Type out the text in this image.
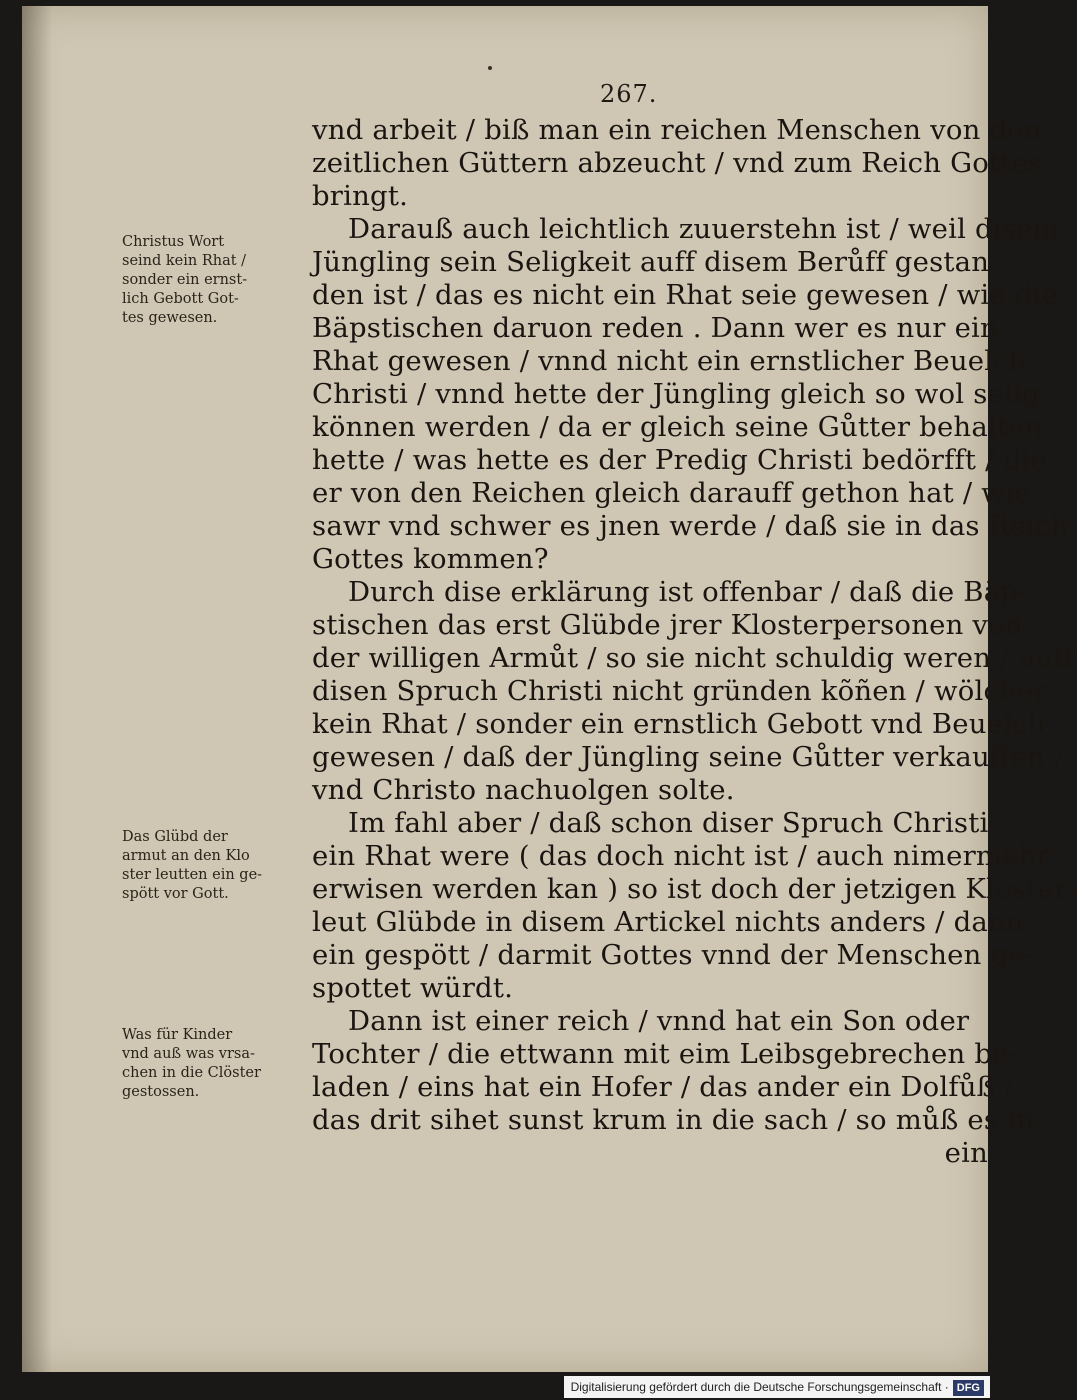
267.
vnd arbeit / biß man ein reichen Menschen von den
zeitlichen Güttern abzeucht / vnd zum Reich Gottes
bringt.
Darauß auch leichtlich zuuerstehn ist / weil disem
Jüngling sein Seligkeit auff disem Berůff gestan-
den ist / das es nicht ein Rhat seie gewesen / wie die
Bäpstischen daruon reden . Dann wer es nur ein
Rhat gewesen / vnnd nicht ein ernstlicher Beuelch
Christi / vnnd hette der Jüngling gleich so wol selig
können werden / da er gleich seine Gůtter behalten
hette / was hette es der Predig Christi bedörfft / die
er von den Reichen gleich darauff gethon hat / wie
sawr vnd schwer es jnen werde / daß sie in das Reich
Gottes kommen?
Durch dise erklärung ist offenbar / daß die Bäp-
stischen das erst Glübde jrer Klosterpersonen von
der willigen Armůt / so sie nicht schuldig weren / auff
disen Spruch Christi nicht gründen kõñen / wölcher
kein Rhat / sonder ein ernstlich Gebott vnd Beuelch
gewesen / daß der Jüngling seine Gůtter verkauffen /
vnd Christo nachuolgen solte.
Im fahl aber / daß schon diser Spruch Christi
ein Rhat were ( das doch nicht ist / auch nimermehr
erwisen werden kan ) so ist doch der jetzigen Kloster-
leut Glübde in disem Artickel nichts anders / dann
ein gespött / darmit Gottes vnnd der Menschen ge-
spottet würdt.
Dann ist einer reich / vnnd hat ein Son oder
Tochter / die ettwann mit eim Leibsgebrechen be-
laden / eins hat ein Hofer / das ander ein Dolfůß /
das drit sihet sunst krum in die sach / so můß es in
ein
Christus Wort
seind kein Rhat /
sonder ein ernst-
lich Gebott Got-
tes gewesen.
Das Glübd der
armut an den Klo
ster leutten ein ge-
spött vor Gott.
Was für Kinder
vnd auß was vrsa-
chen in die Clöster
gestossen.
Digitalisierung gefördert durch die Deutsche Forschungsgemeinschaft · DFG
